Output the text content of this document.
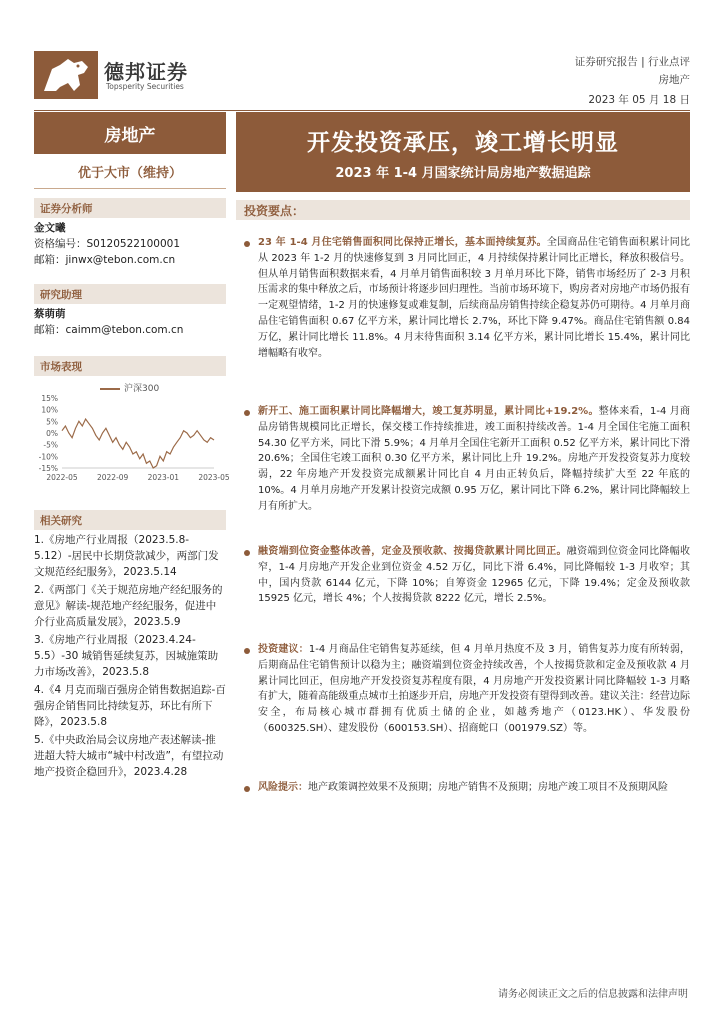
德邦证券
Topsperity Securities
证券研究报告 | 行业点评
房地产
2023 年 05 月 18 日
房地产
优于大市（维持）
证券分析师
金文曦
资格编号：S0120522100001
邮箱：jinwx@tebon.com.cn
研究助理
蔡萌萌
邮箱：caimm@tebon.com.cn
市场表现
沪深300
15%
10%
5%
0%
-5%
-10%
-15%
2022-05	2022-09	2023-01	2023-05
相关研究
1.《房地产行业周报（2023.5.8-5.12）-居民中长期贷款减少，两部门发文规范经纪服务》，2023.5.14
2.《两部门《关于规范房地产经纪服务的意见》解读-规范地产经纪服务，促进中介行业高质量发展》，2023.5.9
3.《房地产行业周报（2023.4.24-5.5）-30 城销售延续复苏，因城施策助力市场改善》，2023.5.8
4.《4 月克而瑞百强房企销售数据追踪-百强房企销售同比持续复苏，环比有所下降》，2023.5.8
5.《中央政治局会议房地产表述解读-推进超大特大城市“城中村改造”，有望拉动地产投资企稳回升》，2023.4.28
开发投资承压，竣工增长明显
2023 年 1-4 月国家统计局房地产数据追踪
投资要点：
23 年 1-4 月住宅销售面积同比保持正增长，基本面持续复苏。全国商品住宅销售面积累计同比从 2023 年 1-2 月的快速修复到 3 月同比回正，4 月持续保持累计同比正增长，释放积极信号。但从单月销售面积数据来看，4 月单月销售面积较 3 月单月环比下降，销售市场经历了 2-3 月积压需求的集中释放之后，市场预计将逐步回归理性。当前市场环境下，购房者对房地产市场仍报有一定观望情绪，1-2 月的快速修复或难复制，后续商品房销售持续企稳复苏仍可期待。4 月单月商品住宅销售面积 0.67 亿平方米，累计同比增长 2.7%，环比下降 9.47%。商品住宅销售额 0.84 万亿，累计同比增长 11.8%。4 月末待售面积 3.14 亿平方米，累计同比增长 15.4%，累计同比增幅略有收窄。
新开工、施工面积累计同比降幅增大，竣工复苏明显，累计同比+19.2%。整体来看，1-4 月商品房销售规模同比正增长，保交楼工作持续推进，竣工面积持续改善。1-4 月全国住宅施工面积 54.30 亿平方米，同比下滑 5.9%；4 月单月全国住宅新开工面积 0.52 亿平方米，累计同比下滑 20.6%；全国住宅竣工面积 0.30 亿平方米，累计同比上升 19.2%。房地产开发投资复苏力度较弱，22 年房地产开发投资完成额累计同比自 4 月由正转负后，降幅持续扩大至 22 年底的 10%。4 月单月房地产开发累计投资完成额 0.95 万亿，累计同比下降 6.2%，累计同比降幅较上月有所扩大。
融资端到位资金整体改善，定金及预收款、按揭贷款累计同比回正。融资端到位资金同比降幅收窄，1-4 月房地产开发企业到位资金 4.52 万亿，同比下滑 6.4%，同比降幅较 1-3 月收窄；其中，国内贷款 6144 亿元，下降 10%；自筹资金 12965 亿元，下降 19.4%；定金及预收款 15925 亿元，增长 4%；个人按揭贷款 8222 亿元，增长 2.5%。
投资建议：1-4 月商品住宅销售复苏延续，但 4 月单月热度不及 3 月，销售复苏力度有所转弱，后期商品住宅销售预计以稳为主；融资端到位资金持续改善，个人按揭贷款和定金及预收款 4 月累计同比回正，但房地产开发投资复苏程度有限，4 月房地产开发投资累计同比降幅较 1-3 月略有扩大，随着高能级重点城市土拍逐步开启，房地产开发投资有望得到改善。建议关注：经营边际安全，布局核心城市群拥有优质土储的企业，如越秀地产（0123.HK）、华发股份（600325.SH）、建发股份（600153.SH）、招商蛇口（001979.SZ）等。
风险提示：地产政策调控效果不及预期；房地产销售不及预期；房地产竣工项目不及预期风险
请务必阅读正文之后的信息披露和法律声明
